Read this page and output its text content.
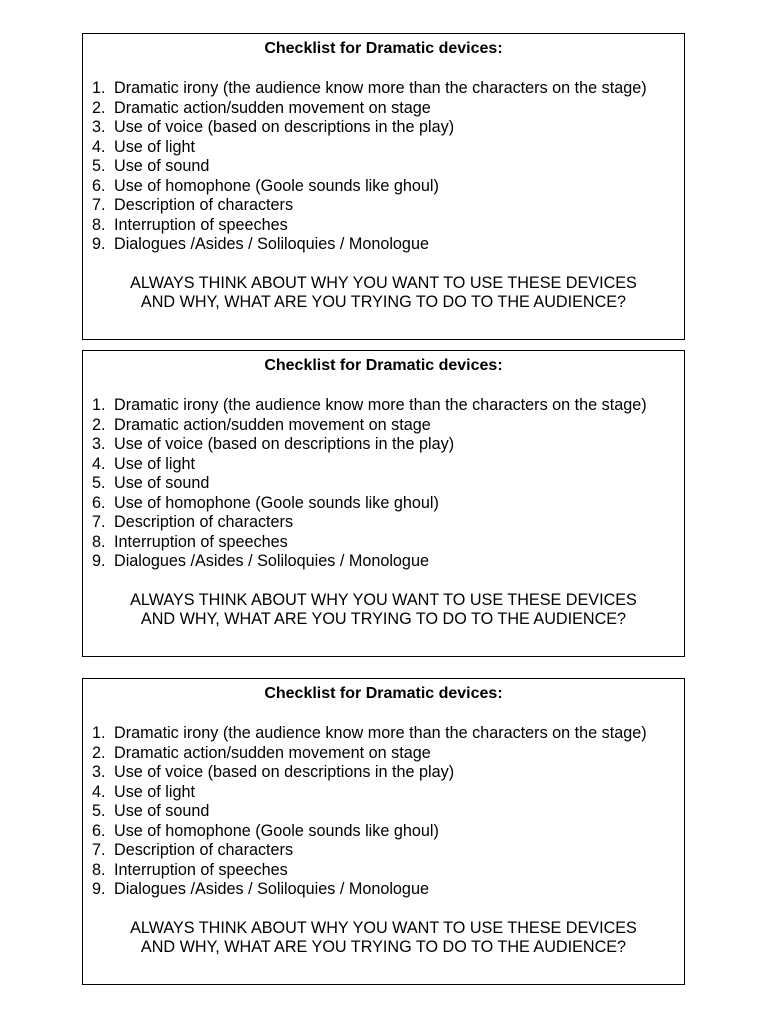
Checklist for Dramatic devices:
1. Dramatic irony (the audience know more than the characters on the stage)
2. Dramatic action/sudden movement on stage
3. Use of voice (based on descriptions in the play)
4. Use of light
5. Use of sound
6. Use of homophone (Goole sounds like ghoul)
7. Description of characters
8. Interruption of speeches
9. Dialogues /Asides / Soliloquies / Monologue
ALWAYS THINK ABOUT WHY YOU WANT TO USE THESE DEVICES
AND WHY, WHAT ARE YOU TRYING TO DO TO THE AUDIENCE?
Checklist for Dramatic devices:
1. Dramatic irony (the audience know more than the characters on the stage)
2. Dramatic action/sudden movement on stage
3. Use of voice (based on descriptions in the play)
4. Use of light
5. Use of sound
6. Use of homophone (Goole sounds like ghoul)
7. Description of characters
8. Interruption of speeches
9. Dialogues /Asides / Soliloquies / Monologue
ALWAYS THINK ABOUT WHY YOU WANT TO USE THESE DEVICES
AND WHY, WHAT ARE YOU TRYING TO DO TO THE AUDIENCE?
Checklist for Dramatic devices:
1. Dramatic irony (the audience know more than the characters on the stage)
2. Dramatic action/sudden movement on stage
3. Use of voice (based on descriptions in the play)
4. Use of light
5. Use of sound
6. Use of homophone (Goole sounds like ghoul)
7. Description of characters
8. Interruption of speeches
9. Dialogues /Asides / Soliloquies / Monologue
ALWAYS THINK ABOUT WHY YOU WANT TO USE THESE DEVICES
AND WHY, WHAT ARE YOU TRYING TO DO TO THE AUDIENCE?
